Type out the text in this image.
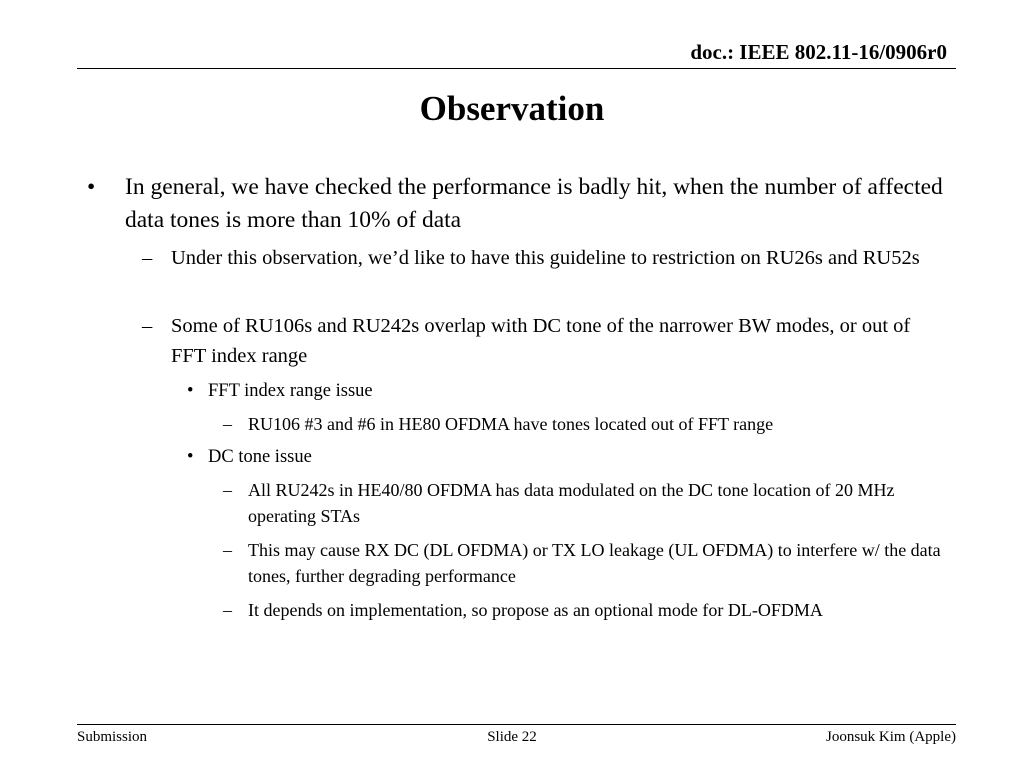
doc.: IEEE 802.11-16/0906r0
Observation
• In general, we have checked the performance is badly hit, when the number of affected data tones is more than 10% of data
– Under this observation, we’d like to have this guideline to restriction on RU26s and RU52s
– Some of RU106s and RU242s overlap with DC tone of the narrower BW modes, or out of FFT index range
• FFT index range issue
– RU106 #3 and #6 in HE80 OFDMA have tones located out of FFT range
• DC tone issue
– All RU242s in HE40/80 OFDMA has data modulated on the DC tone location of 20 MHz operating STAs
– This may cause RX DC (DL OFDMA) or TX LO leakage (UL OFDMA) to interfere w/ the data tones, further degrading performance
– It depends on implementation, so propose as an optional mode for DL-OFDMA
Submission	Slide 22	Joonsuk Kim (Apple)
